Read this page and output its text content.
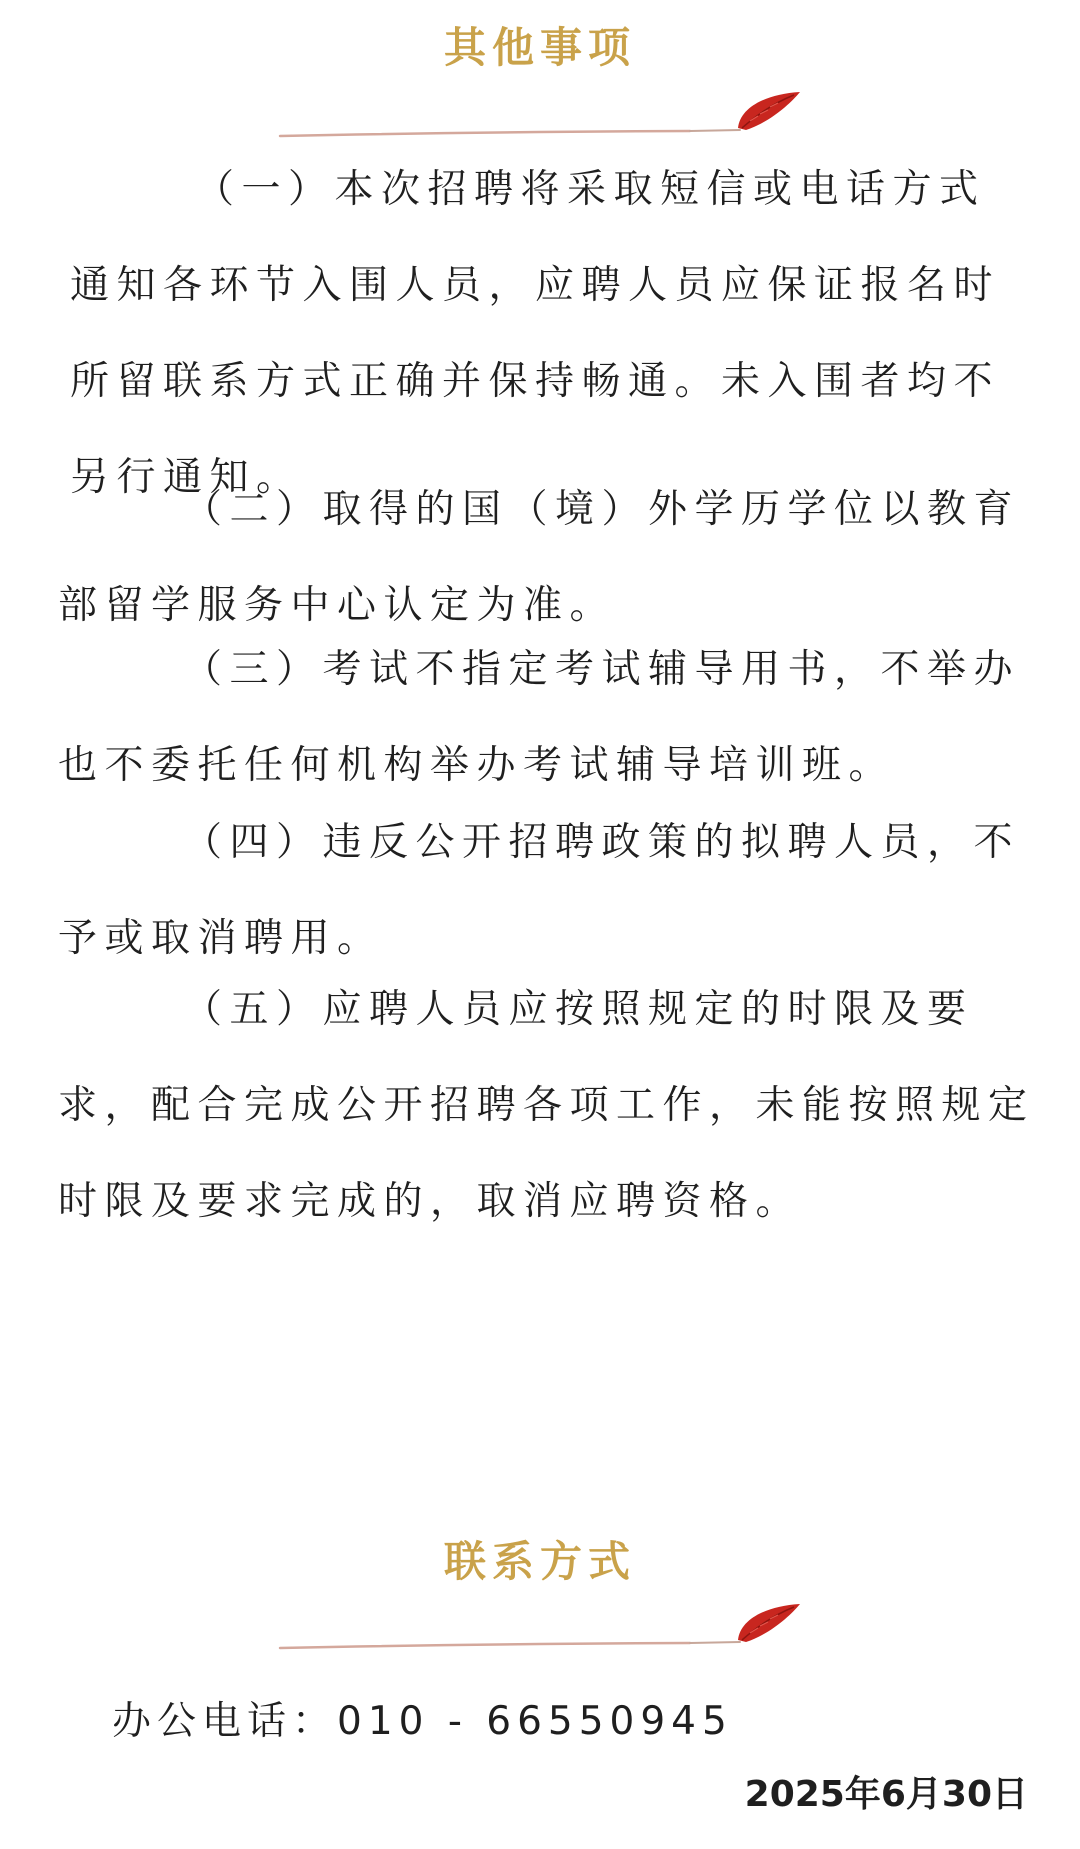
其他事项

（一）本次招聘将采取短信或电话方式通知各环节入围人员，应聘人员应保证报名时所留联系方式正确并保持畅通。未入围者均不另行通知。

（二）取得的国（境）外学历学位以教育部留学服务中心认定为准。

（三）考试不指定考试辅导用书，不举办也不委托任何机构举办考试辅导培训班。

（四）违反公开招聘政策的拟聘人员，不予或取消聘用。

（五）应聘人员应按照规定的时限及要求，配合完成公开招聘各项工作，未能按照规定时限及要求完成的，取消应聘资格。

联系方式
办公电话：010 - 66550945
2025年6月30日
